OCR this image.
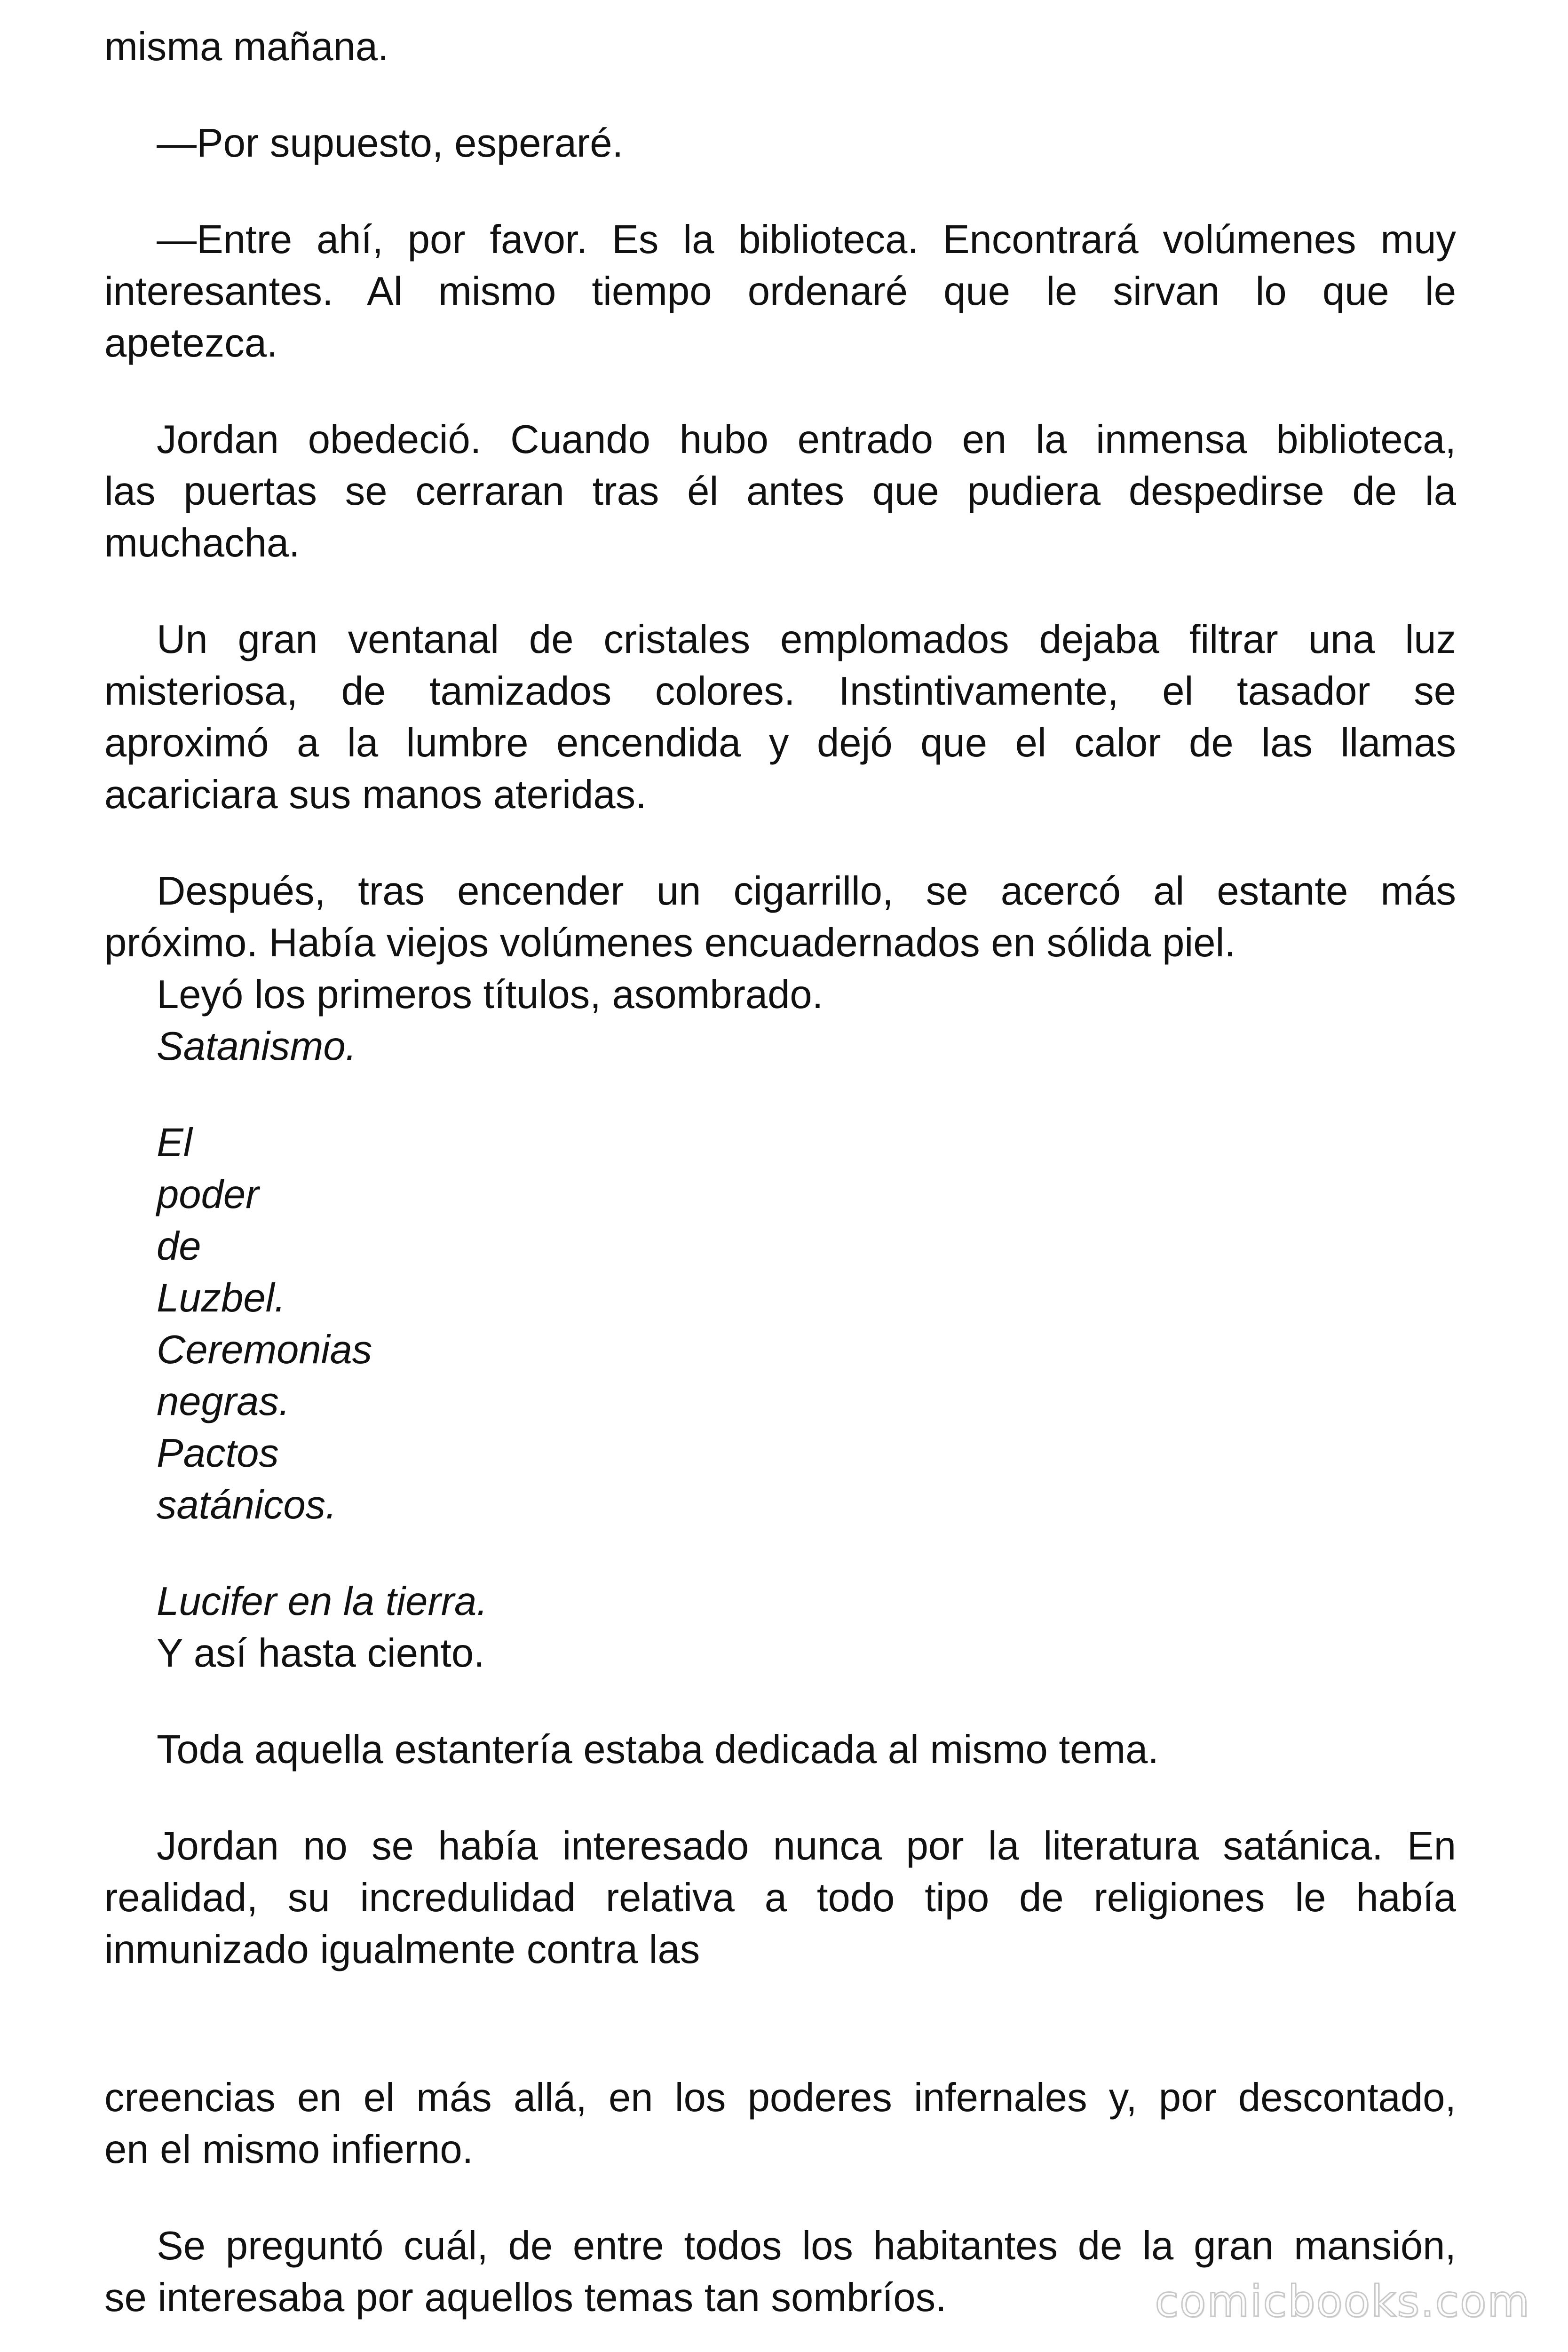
misma mañana.
—Por supuesto, esperaré.
—Entre ahí, por favor. Es la biblioteca. Encontrará volúmenes muy
interesantes. Al mismo tiempo ordenaré que le sirvan lo que le
apetezca.
Jordan obedeció. Cuando hubo entrado en la inmensa biblioteca,
las puertas se cerraran tras él antes que pudiera despedirse de la
muchacha.
Un gran ventanal de cristales emplomados dejaba filtrar una luz
misteriosa, de tamizados colores. Instintivamente, el tasador se
aproximó a la lumbre encendida y dejó que el calor de las llamas
acariciara sus manos ateridas.
Después, tras encender un cigarrillo, se acercó al estante más
próximo. Había viejos volúmenes encuadernados en sólida piel.
Leyó los primeros títulos, asombrado.
Satanismo.
El
poder
de
Luzbel.
Ceremonias
negras.
Pactos
satánicos.
Lucifer en la tierra.
Y así hasta ciento.
Toda aquella estantería estaba dedicada al mismo tema.
Jordan no se había interesado nunca por la literatura satánica. En
realidad, su incredulidad relativa a todo tipo de religiones le había
inmunizado igualmente contra las
creencias en el más allá, en los poderes infernales y, por descontado,
en el mismo infierno.
Se preguntó cuál, de entre todos los habitantes de la gran mansión,
se interesaba por aquellos temas tan sombríos.	comicbooks.com
